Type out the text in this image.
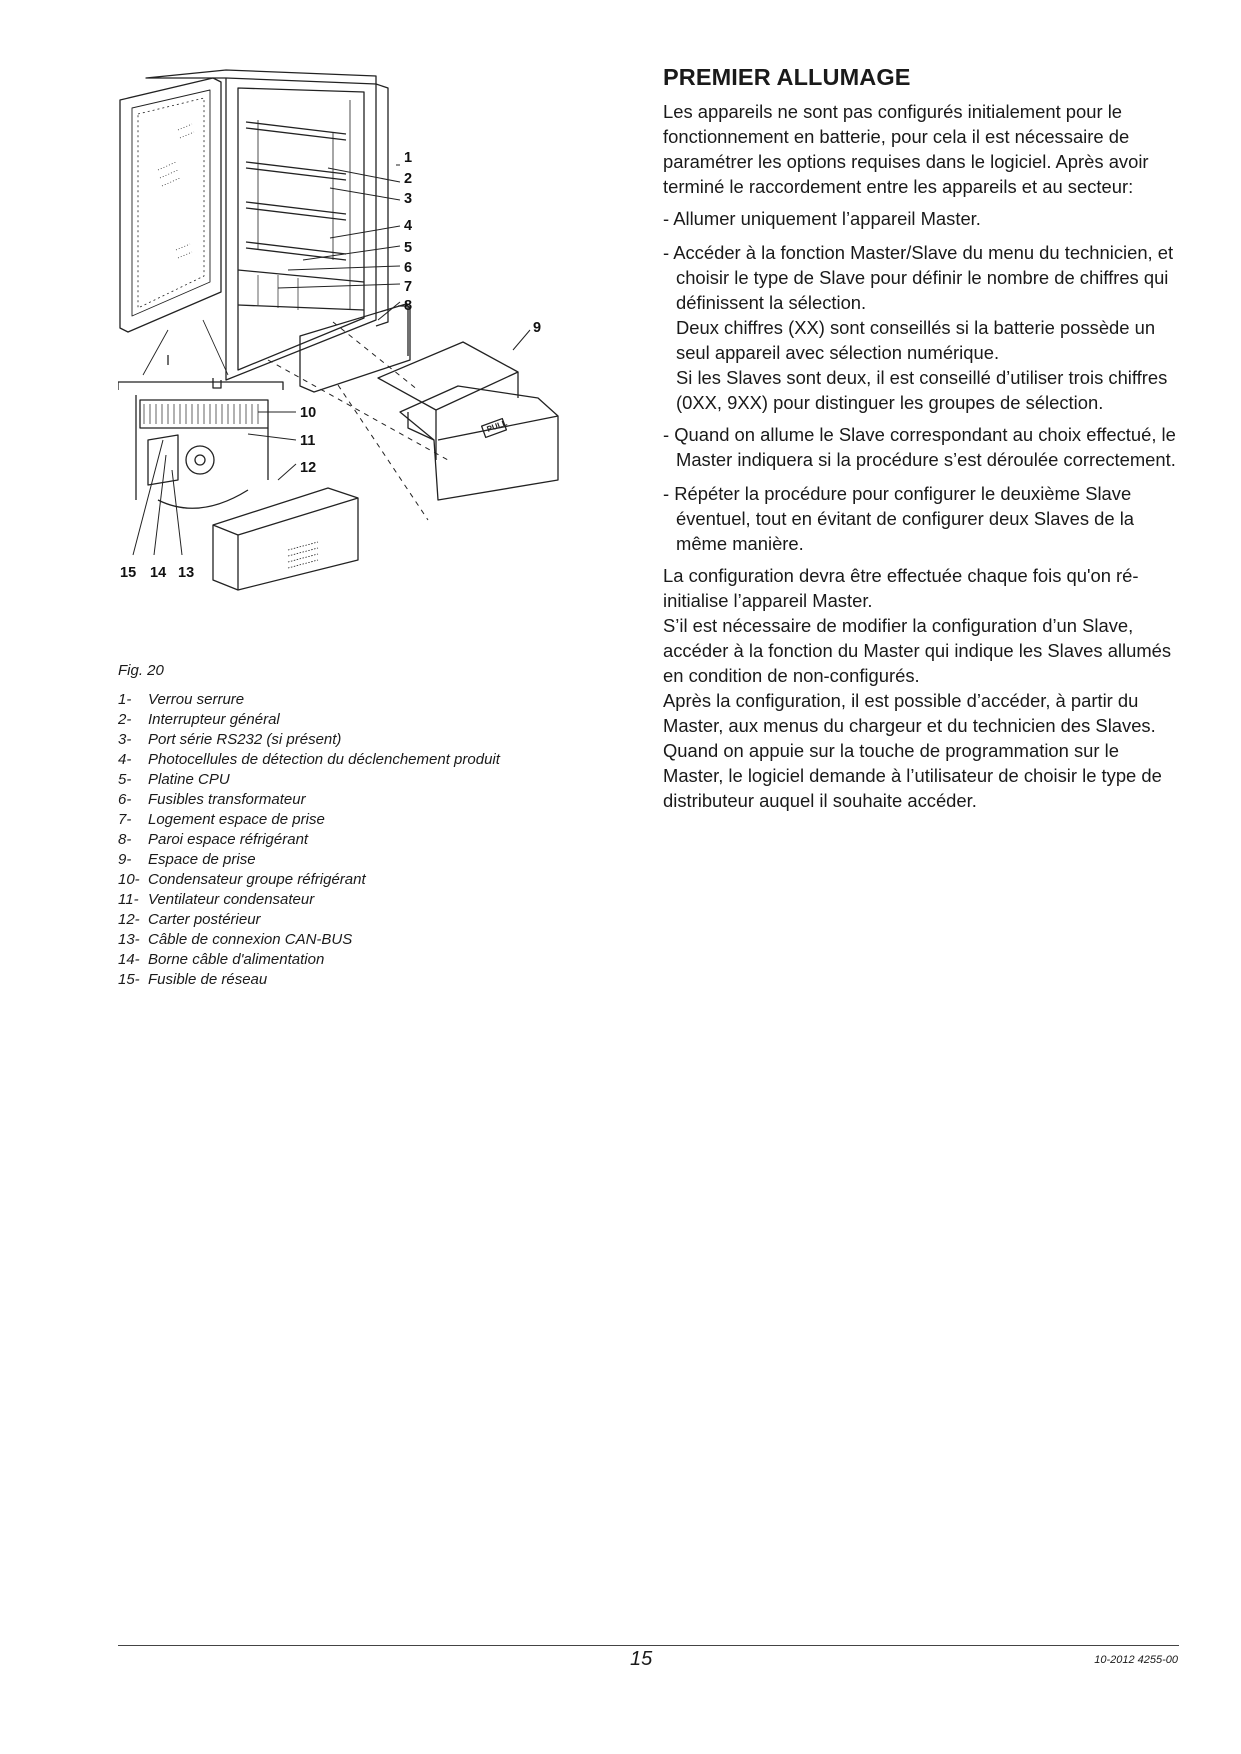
PULL
1
2
3
4
5
6
7
8
9
10
11
12
13
14
15
Fig. 20
1-	Verrou serrure
2-	Interrupteur général
3-	Port série RS232 (si présent)
4-	Photocellules de détection du déclenchement produit
5-	Platine CPU
6-	Fusibles transformateur
7-	Logement espace de prise
8-	Paroi espace réfrigérant
9-	Espace de prise
10- Condensateur groupe réfrigérant
11- Ventilateur condensateur
12- Carter postérieur
13- Câble de connexion CAN-BUS
14- Borne câble d'alimentation
15- Fusible de réseau
PREMIER ALLUMAGE

Les appareils ne sont pas configurés initialement pour le fonctionnement en batterie, pour cela il est nécessaire de paramétrer les options requises dans le logiciel. Après avoir terminé le raccordement entre les appareils et au secteur:

- Allumer uniquement l’appareil Master.

- Accéder à la fonction Master/Slave du menu du technicien, et choisir le type de Slave pour définir le nombre de chiffres qui définissent la sélection.

Deux chiffres (XX) sont conseillés si la batterie possède un seul appareil avec sélection numérique.

Si les Slaves sont deux, il est conseillé d’utiliser trois chiffres (0XX, 9XX) pour distinguer les groupes de sélection.

- Quand on allume le Slave correspondant au choix effectué, le Master indiquera si la procédure s’est déroulée correctement.

- Répéter la procédure pour configurer le deuxième Slave éventuel, tout en évitant de configurer deux Slaves de la même manière.

La configuration devra être effectuée chaque fois qu'on ré-initialise l’appareil Master.

S’il est nécessaire de modifier la configuration d’un Slave, accéder à la fonction du Master qui indique les Slaves allumés en condition de non-configurés.

Après la configuration, il est possible d’accéder, à partir du Master, aux menus du chargeur et du technicien des Slaves.

Quand on appuie sur la touche de programmation sur le Master, le logiciel demande à l’utilisateur de choisir le type de distributeur auquel il souhaite accéder.

15	10-2012 4255-00
